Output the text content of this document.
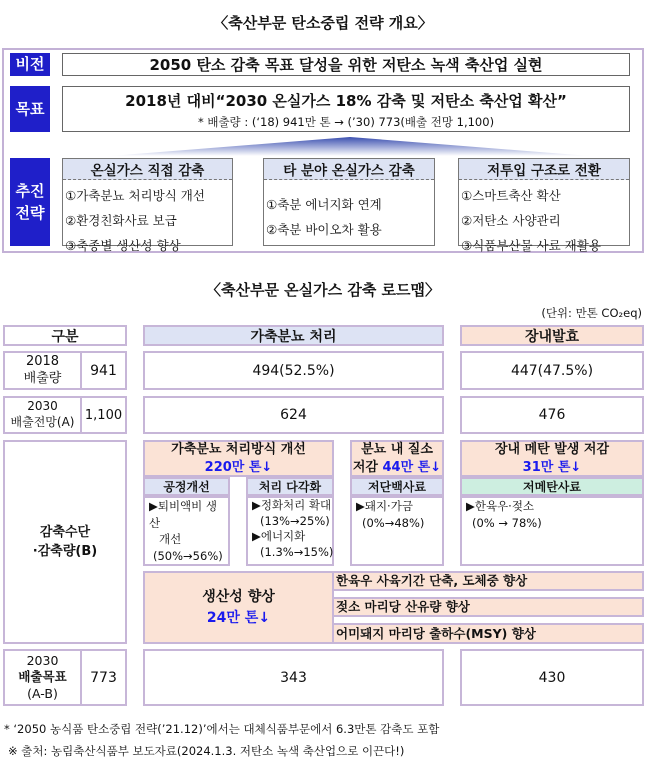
〈축산부문 탄소중립 전략 개요〉
비전	2050 탄소 감축 목표 달성을 위한 저탄소 녹색 축산업 실현
목표	2018년 대비“2030 온실가스 18% 감축 및 저탄소 축산업 확산”
* 배출량 : (‘18) 941만 톤 → (’30) 773(배출 전망 1,100)
추진
전략
온실가스 직접 감축
①가축분뇨 처리방식 개선
②환경친화사료 보급
③축종별 생산성 향상
타 분야 온실가스 감축
①축분 에너지화 연계
②축분 바이오차 활용
저투입 구조로 전환
①스마트축산 확산
②저탄소 사양관리
③식품부산물 사료 재활용
〈축산부문 온실가스 감축 로드맵〉
(단위: 만톤 CO₂eq)
구분	가축분뇨 처리	장내발효
2018
배출량	941	494(52.5%)	447(47.5%)
2030
배출전망(A) 1,100	624	476
감축수단
·감축량(B)
가축분뇨 처리방식 개선
220만 톤↓
분뇨 내 질소
저감 44만 톤↓
장내 메탄 발생 저감
31만 톤↓
공정개선	처리 다각화	저단백사료	저메탄사료
▶퇴비액비 생산
개선
(50%→56%)
▶정화처리 확대
(13%→25%)
▶에너지화
(1.3%→15%)
▶돼지·가금
(0%→48%)
▶한육우·젖소
(0% → 78%)
생산성 향상
24만 톤↓
한육우 사육기간 단축, 도체중 향상
젖소 마리당 산유량 향상
어미돼지 마리당 출하수(MSY) 향상
2030
배출목표
(A-B)
773	343	430
* ‘2050 농식품 탄소중립 전략(’21.12)’에서는 대체식품부문에서 6.3만톤 감축도 포함
※ 출처: 농림축산식품부 보도자료(2024.1.3. 저탄소 녹색 축산업으로 이끈다!)
